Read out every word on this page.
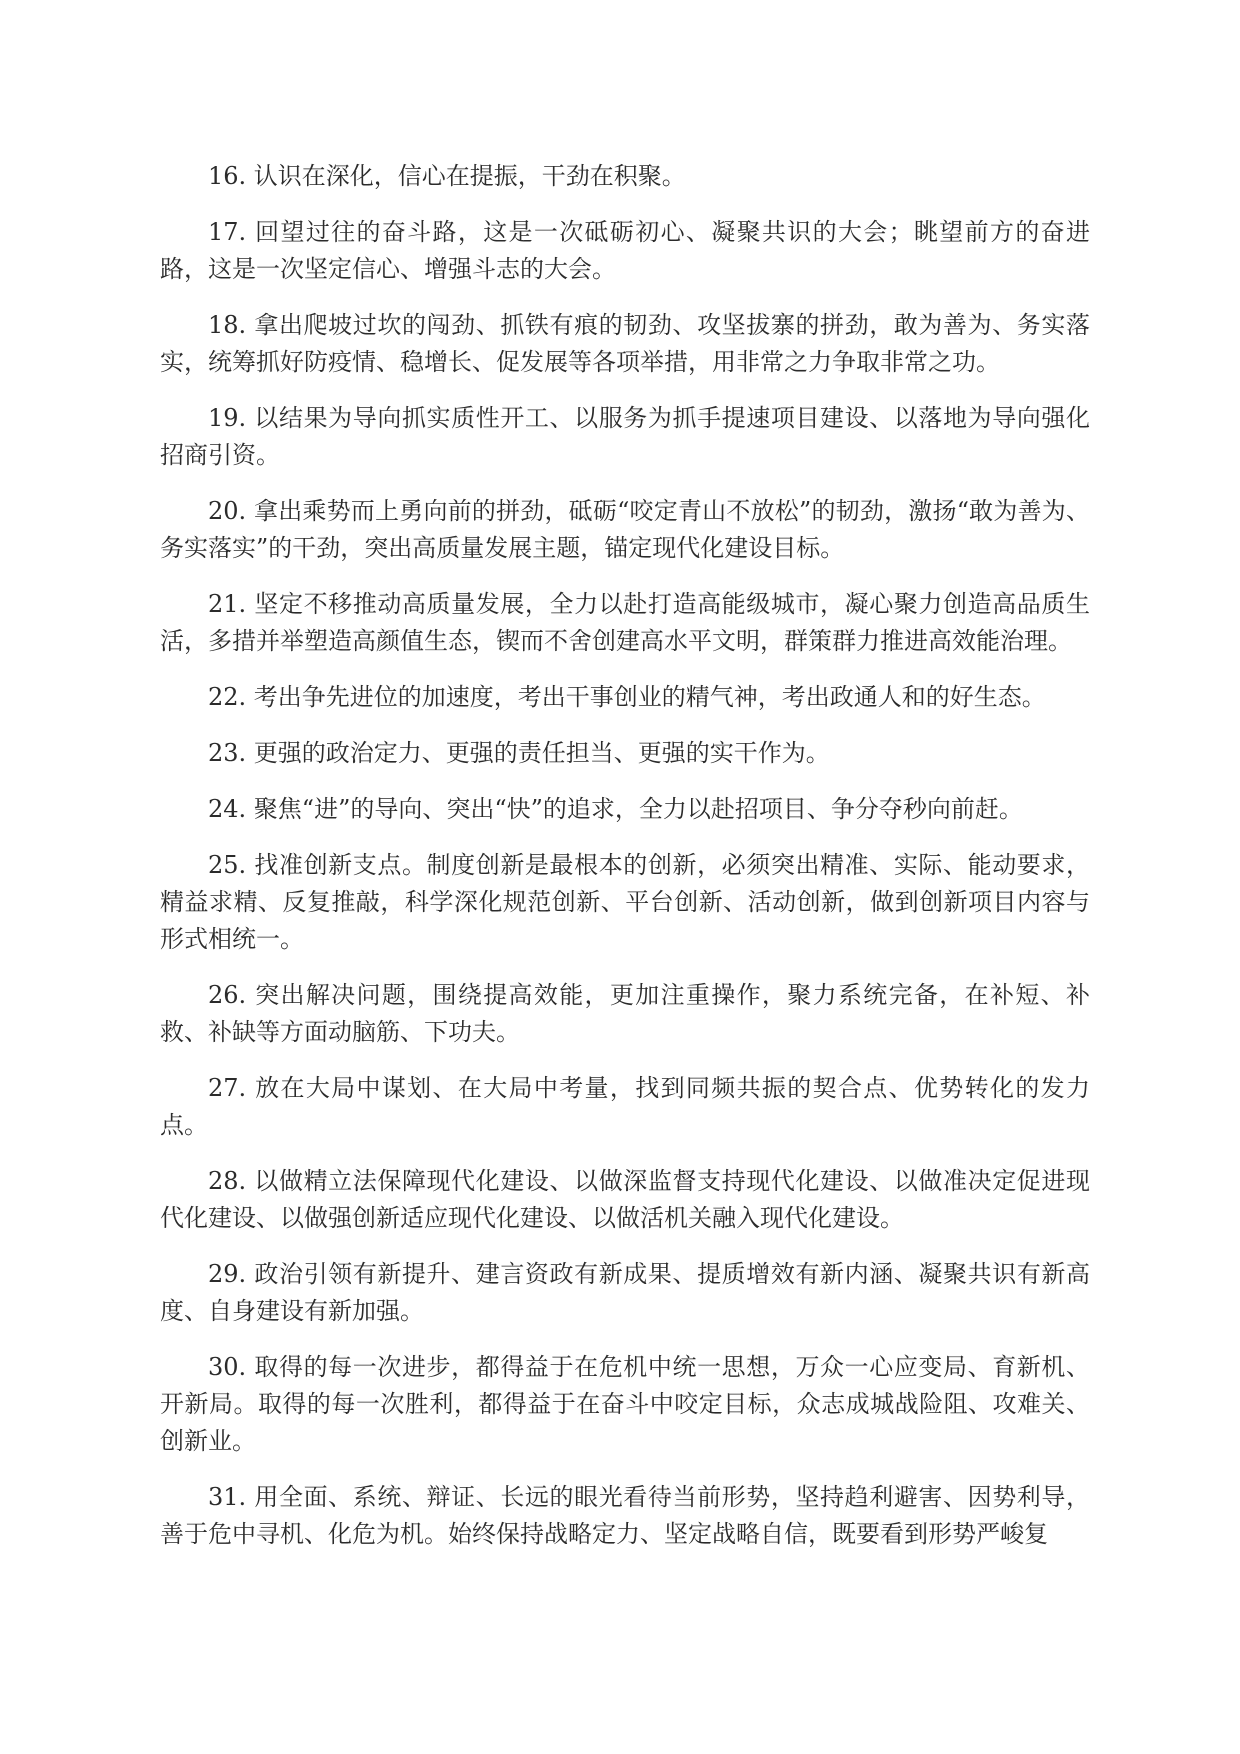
16. 认识在深化，信心在提振，干劲在积聚。

17. 回望过往的奋斗路，这是一次砥砺初心、凝聚共识的大会；眺望前方的奋进路，这是一次坚定信心、增强斗志的大会。

18. 拿出爬坡过坎的闯劲、抓铁有痕的韧劲、攻坚拔寨的拼劲，敢为善为、务实落实，统筹抓好防疫情、稳增长、促发展等各项举措，用非常之力争取非常之功。

19. 以结果为导向抓实质性开工、以服务为抓手提速项目建设、以落地为导向强化招商引资。

20. 拿出乘势而上勇向前的拼劲，砥砺“咬定青山不放松”的韧劲，激扬“敢为善为、务实落实”的干劲，突出高质量发展主题，锚定现代化建设目标。

21. 坚定不移推动高质量发展，全力以赴打造高能级城市，凝心聚力创造高品质生活，多措并举塑造高颜值生态，锲而不舍创建高水平文明，群策群力推进高效能治理。

22. 考出争先进位的加速度，考出干事创业的精气神，考出政通人和的好生态。

23. 更强的政治定力、更强的责任担当、更强的实干作为。

24. 聚焦“进”的导向、突出“快”的追求，全力以赴招项目、争分夺秒向前赶。

25. 找准创新支点。制度创新是最根本的创新，必须突出精准、实际、能动要求，精益求精、反复推敲，科学深化规范创新、平台创新、活动创新，做到创新项目内容与形式相统一。

26. 突出解决问题，围绕提高效能，更加注重操作，聚力系统完备，在补短、补救、补缺等方面动脑筋、下功夫。

27. 放在大局中谋划、在大局中考量，找到同频共振的契合点、优势转化的发力点。

28. 以做精立法保障现代化建设、以做深监督支持现代化建设、以做准决定促进现代化建设、以做强创新适应现代化建设、以做活机关融入现代化建设。

29. 政治引领有新提升、建言资政有新成果、提质增效有新内涵、凝聚共识有新高度、自身建设有新加强。

30. 取得的每一次进步，都得益于在危机中统一思想，万众一心应变局、育新机、开新局。取得的每一次胜利，都得益于在奋斗中咬定目标，众志成城战险阻、攻难关、创新业。

31. 用全面、系统、辩证、长远的眼光看待当前形势，坚持趋利避害、因势利导，善于危中寻机、化危为机。始终保持战略定力、坚定战略自信，既要看到形势严峻复
